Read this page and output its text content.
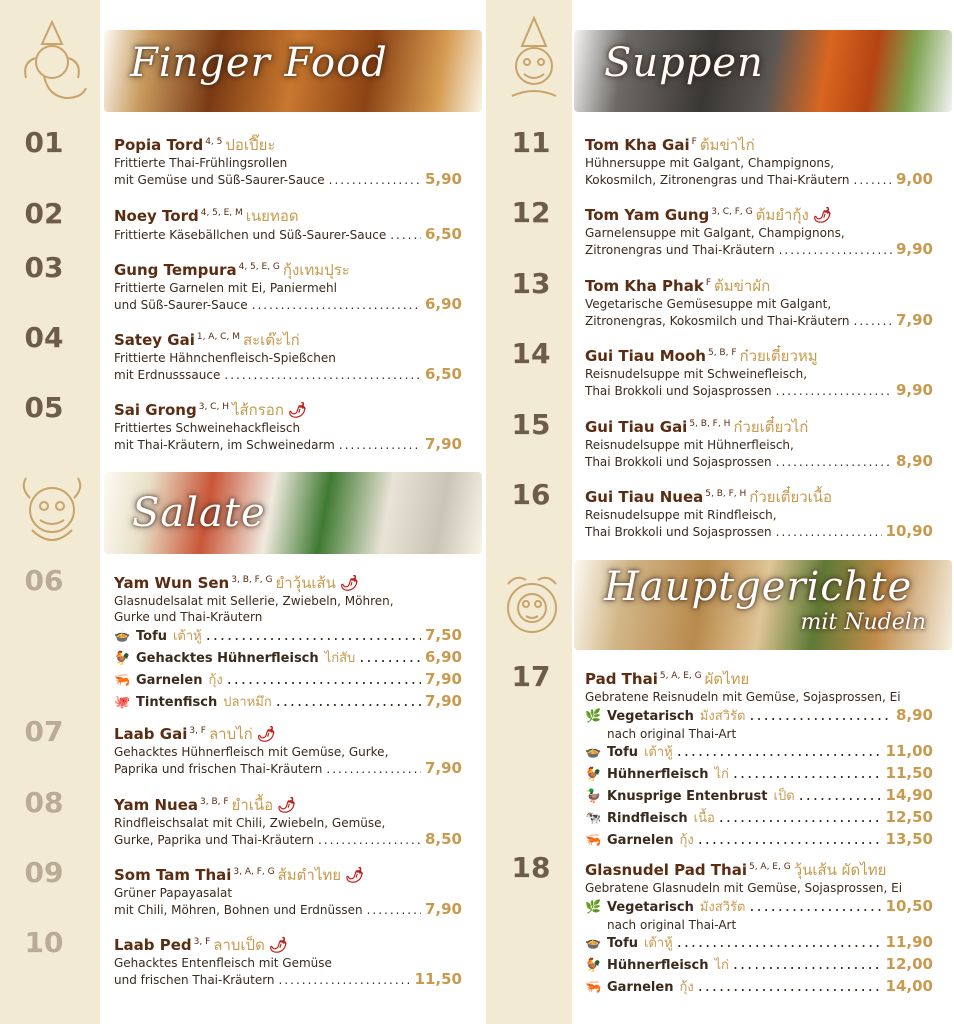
Finger Food
Salate
Suppen
Hauptgerichte
mit Nudeln
01	Popia Tord $^{4, 5}$ ปอเปี๊ยะ
Frittierte Thai-Frühlingsrollen
mit Gemüse und Süß-Saurer-Sauce .....	5,90
02	Noey Tord $^{4, 5, E, M}$ เนยทอด
Frittierte Käsebällchen und Süß-Saurer-Sauce .....	6,50
03	Gung Tempura $^{4, 5, E, G}$ กุ้งเทมปุระ
Frittierte Garnelen mit Ei, Paniermehl
und Süß-Saurer-Sauce .....	6,90
04	Satey Gai $^{1, A, C, M}$ สะเต๊ะไก่
Frittierte Hähnchenfleisch-Spießchen
mit Erdnusssauce .....	6,50
05	Sai Grong $^{3, C, H}$ ไส้กรอก 🌶
Frittiertes Schweinehackfleisch
mit Thai-Kräutern, im Schweinedarm .....	7,90
06	Yam Wun Sen $^{3, B, F, G}$ ยำวุ้นเส้น 🌶
Glasnudelsalat mit Sellerie, Zwiebeln, Möhren,
Gurke und Thai-Kräutern
🍲 Tofu เต้าหู้ .....	7,50
🐓 Gehacktes Hühnerfleisch ไก่สับ .....	6,90
🦐 Garnelen กุ้ง .....	7,90
🐙 Tintenfisch ปลาหมึก .....	7,90
07	Laab Gai $^{3, F}$ ลาบไก่ 🌶
Gehacktes Hühnerfleisch mit Gemüse, Gurke,
Paprika und frischen Thai-Kräutern .....	7,90
08	Yam Nuea $^{3, B, F}$ ยำเนื้อ 🌶
Rindfleischsalat mit Chili, Zwiebeln, Gemüse,
Gurke, Paprika und Thai-Kräutern .....	8,50
09	Som Tam Thai $^{3, A, F, G}$ ส้มตำไทย 🌶
Grüner Papayasalat
mit Chili, Möhren, Bohnen und Erdnüssen .....	7,90
10	Laab Ped $^{3, F}$ ลาบเป็ด 🌶
Gehacktes Entenfleisch mit Gemüse
und frischen Thai-Kräutern .....	11,50
11	Tom Kha Gai $^F$ ต้มข่าไก่
Hühnersuppe mit Galgant, Champignons,
Kokosmilch, Zitronengras und Thai-Kräutern .....	9,00
12	Tom Yam Gung $^{3, C, F, G}$ ต้มยำกุ้ง 🌶
Garnelensuppe mit Galgant, Champignons,
Zitronengras und Thai-Kräutern .....	9,90
13	Tom Kha Phak $^F$ ต้มข่าผัก
Vegetarische Gemüsesuppe mit Galgant,
Zitronengras, Kokosmilch und Thai-Kräutern .....	7,90
14	Gui Tiau Mooh $^{5, B, F}$ ก๋วยเตี๋ยวหมู
Reisnudelsuppe mit Schweinefleisch,
Thai Brokkoli und Sojasprossen .....	9,90
15	Gui Tiau Gai $^{5, B, F, H}$ ก๋วยเตี๋ยวไก่
Reisnudelsuppe mit Hühnerfleisch,
Thai Brokkoli und Sojasprossen .....	8,90
16	Gui Tiau Nuea $^{5, B, F, H}$ ก๋วยเตี๋ยวเนื้อ
Reisnudelsuppe mit Rindfleisch,
Thai Brokkoli und Sojasprossen .....	10,90
17	Pad Thai $^{5, A, E, G}$ ผัดไทย
Gebratene Reisnudeln mit Gemüse, Sojasprossen, Ei
🌿 Vegetarisch มังสวิรัต .....	8,90
nach original Thai-Art
🍲 Tofu เต้าหู้ .....	11,00
🐓 Hühnerfleisch ไก่ .....	11,50
🦆 Knusprige Entenbrust เป็ด .....	14,90
🐄 Rindfleisch เนื้อ .....	12,50
🦐 Garnelen กุ้ง .....	13,50
18	Glasnudel Pad Thai $^{5, A, E, G}$ วุ้นเส้น ผัดไทย
Gebratene Glasnudeln mit Gemüse, Sojasprossen, Ei
🌿 Vegetarisch มังสวิรัต .....	10,50
nach original Thai-Art
🍲 Tofu เต้าหู้ .....	11,90
🐓 Hühnerfleisch ไก่ .....	12,00
🦐 Garnelen กุ้ง .....	14,00
